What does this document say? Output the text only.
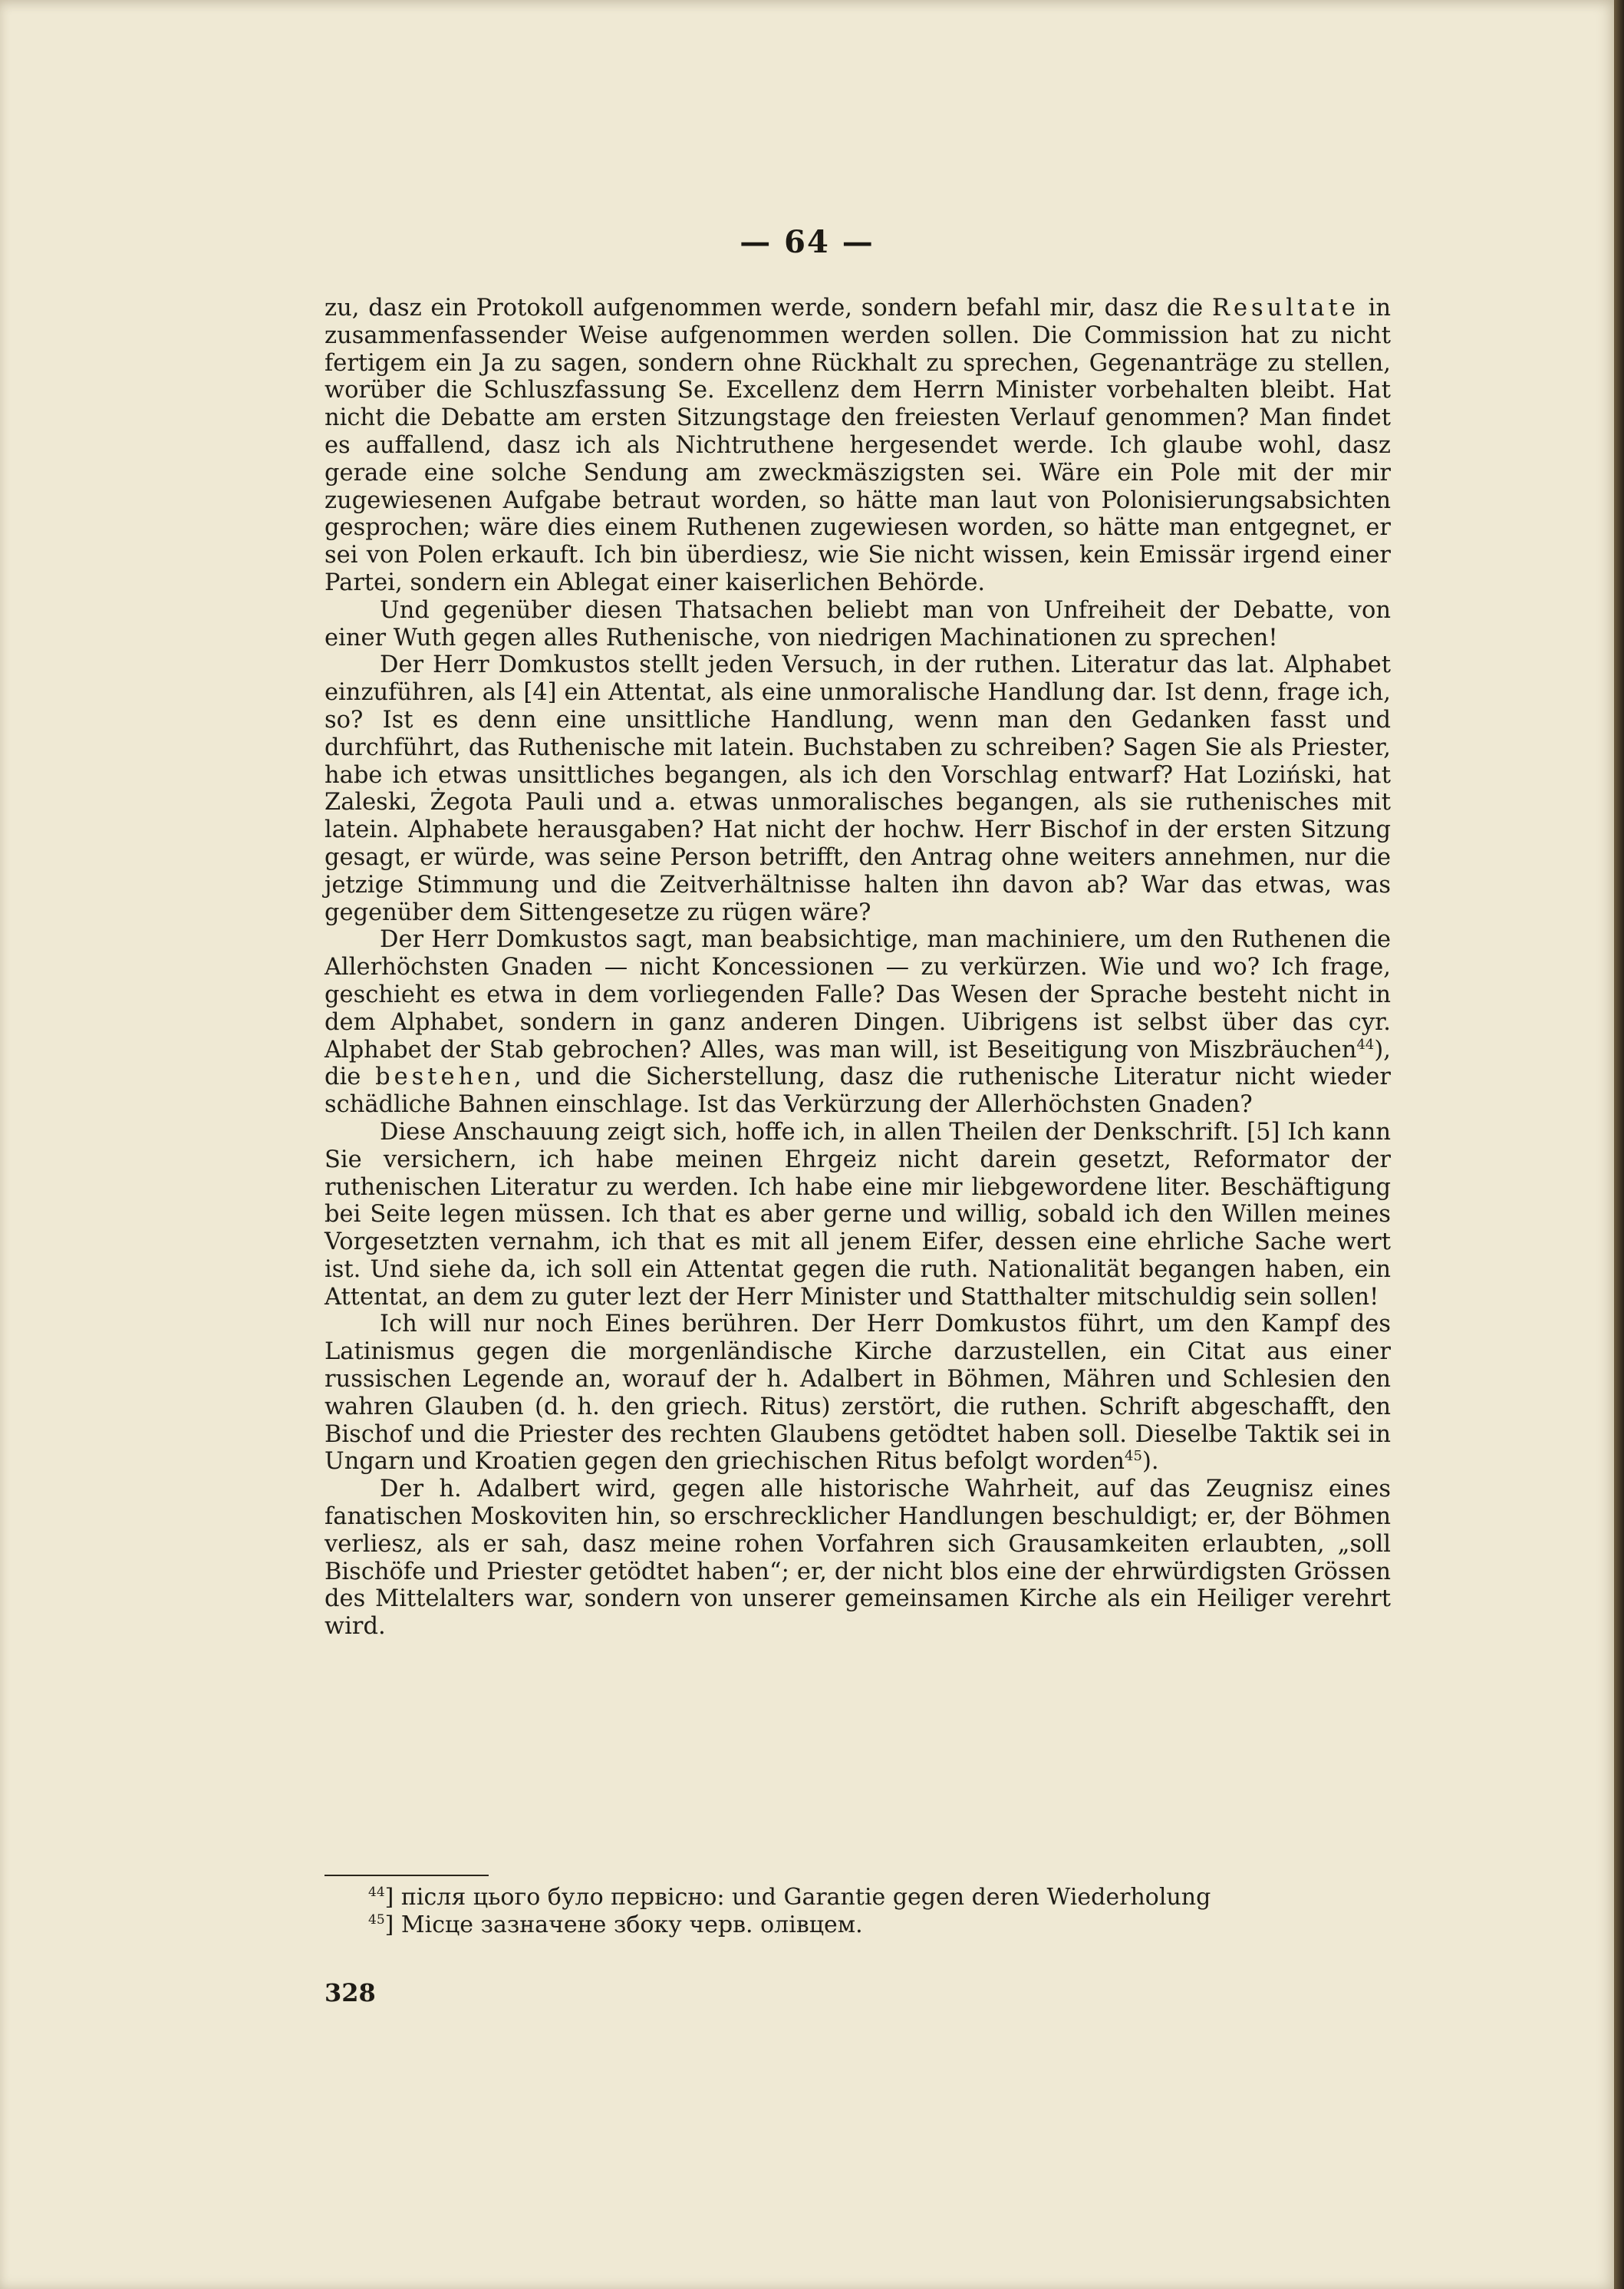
— 64 —

zu, dasz ein Protokoll aufgenommen werde, sondern befahl mir, dasz die Resultate in zusammenfassender Weise aufgenommen werden sollen. Die Commission hat zu nicht fertigem ein Ja zu sagen, sondern ohne Rückhalt zu sprechen, Gegenanträge zu stellen, worüber die Schluszfassung Se. Excellenz dem Herrn Minister vorbehalten bleibt. Hat nicht die Debatte am ersten Sitzungstage den freiesten Verlauf genommen? Man findet es auffallend, dasz ich als Nichtruthene hergesendet werde. Ich glaube wohl, dasz gerade eine solche Sendung am zweckmäszigsten sei. Wäre ein Pole mit der mir zugewiesenen Aufgabe betraut worden, so hätte man laut von Polonisierungsabsichten gesprochen; wäre dies einem Ruthenen zugewiesen worden, so hätte man entgegnet, er sei von Polen erkauft. Ich bin überdiesz, wie Sie nicht wissen, kein Emissär irgend einer Partei, sondern ein Ablegat einer kaiserlichen Behörde.

Und gegenüber diesen Thatsachen beliebt man von Unfreiheit der Debatte, von einer Wuth gegen alles Ruthenische, von niedrigen Machinationen zu sprechen!

Der Herr Domkustos stellt jeden Versuch, in der ruthen. Literatur das lat. Alphabet einzuführen, als [4] ein Attentat, als eine unmoralische Handlung dar. Ist denn, frage ich, so? Ist es denn eine unsittliche Handlung, wenn man den Gedanken fasst und durchführt, das Ruthenische mit latein. Buchstaben zu schreiben? Sagen Sie als Priester, habe ich etwas unsittliches begangen, als ich den Vorschlag entwarf? Hat Loziński, hat Zaleski, Żegota Pauli und a. etwas unmoralisches begangen, als sie ruthenisches mit latein. Alphabete herausgaben? Hat nicht der hochw. Herr Bischof in der ersten Sitzung gesagt, er würde, was seine Person betrifft, den Antrag ohne weiters annehmen, nur die jetzige Stimmung und die Zeitverhältnisse halten ihn davon ab? War das etwas, was gegenüber dem Sittengesetze zu rügen wäre?

Der Herr Domkustos sagt, man beabsichtige, man machiniere, um den Ruthenen die Allerhöchsten Gnaden — nicht Koncessionen — zu verkürzen. Wie und wo? Ich frage, geschieht es etwa in dem vorliegenden Falle? Das Wesen der Sprache besteht nicht in dem Alphabet, sondern in ganz anderen Dingen. Uibrigens ist selbst über das cyr. Alphabet der Stab gebrochen? Alles, was man will, ist Beseitigung von Miszbräuchen$^{44}$), die bestehen, und die Sicherstellung, dasz die ruthenische Literatur nicht wieder schädliche Bahnen einschlage. Ist das Verkürzung der Allerhöchsten Gnaden?

Diese Anschauung zeigt sich, hoffe ich, in allen Theilen der Denkschrift. [5] Ich kann Sie versichern, ich habe meinen Ehrgeiz nicht darein gesetzt, Reformator der ruthenischen Literatur zu werden. Ich habe eine mir liebgewordene liter. Beschäftigung bei Seite legen müssen. Ich that es aber gerne und willig, sobald ich den Willen meines Vorgesetzten vernahm, ich that es mit all jenem Eifer, dessen eine ehrliche Sache wert ist. Und siehe da, ich soll ein Attentat gegen die ruth. Nationalität begangen haben, ein Attentat, an dem zu guter lezt der Herr Minister und Statthalter mitschuldig sein sollen!

Ich will nur noch Eines berühren. Der Herr Domkustos führt, um den Kampf des Latinismus gegen die morgenländische Kirche darzustellen, ein Citat aus einer russischen Legende an, worauf der h. Adalbert in Böhmen, Mähren und Schlesien den wahren Glauben (d. h. den griech. Ritus) zerstört, die ruthen. Schrift abgeschafft, den Bischof und die Priester des rechten Glaubens getödtet haben soll. Dieselbe Taktik sei in Ungarn und Kroatien gegen den griechischen Ritus befolgt worden$^{45}$).

Der h. Adalbert wird, gegen alle historische Wahrheit, auf das Zeugnisz eines fanatischen Moskoviten hin, so erschrecklicher Handlungen beschuldigt; er, der Böhmen verliesz, als er sah, dasz meine rohen Vorfahren sich Grausamkeiten erlaubten, „soll Bischöfe und Priester getödtet haben“; er, der nicht blos eine der ehrwürdigsten Grössen des Mittelalters war, sondern von unserer gemeinsamen Kirche als ein Heiliger verehrt wird.

$^{44}$] після цього було первісно: und Garantie gegen deren Wiederholung
$^{45}$] Місце зазначене збоку черв. олівцем.
328
